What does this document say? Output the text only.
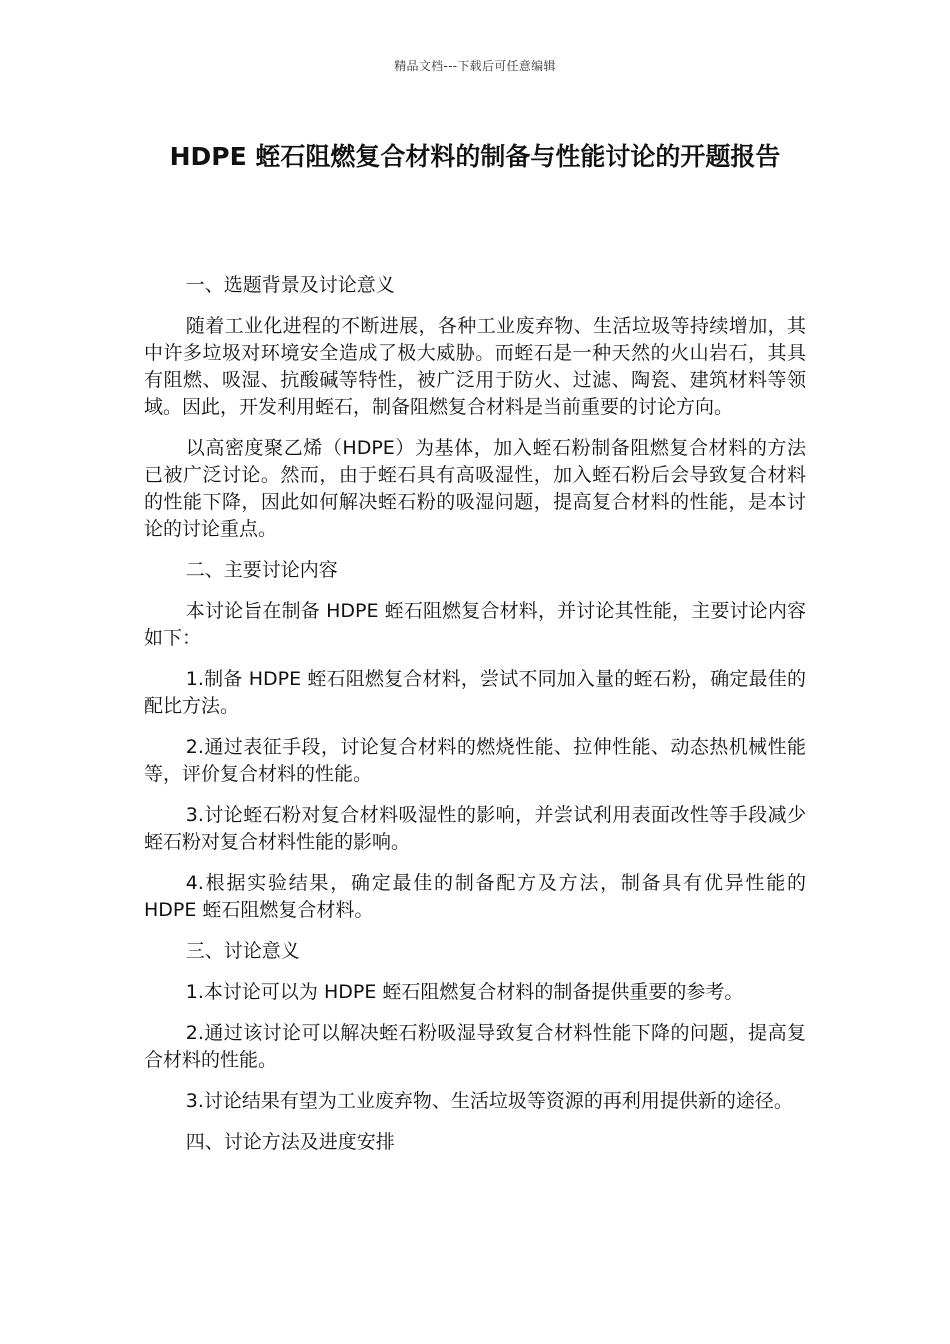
精品文档---下载后可任意编辑
HDPE 蛭石阻燃复合材料的制备与性能讨论的开题报告
一、选题背景及讨论意义

随着工业化进程的不断进展，各种工业废弃物、生活垃圾等持续增加，其中许多垃圾对环境安全造成了极大威胁。而蛭石是一种天然的火山岩石，其具有阻燃、吸湿、抗酸碱等特性，被广泛用于防火、过滤、陶瓷、建筑材料等领域。因此，开发利用蛭石，制备阻燃复合材料是当前重要的讨论方向。

以高密度聚乙烯（HDPE）为基体，加入蛭石粉制备阻燃复合材料的方法已被广泛讨论。然而，由于蛭石具有高吸湿性，加入蛭石粉后会导致复合材料的性能下降，因此如何解决蛭石粉的吸湿问题，提高复合材料的性能，是本讨论的讨论重点。

二、主要讨论内容

本讨论旨在制备 HDPE 蛭石阻燃复合材料，并讨论其性能，主要讨论内容如下：

1.制备 HDPE 蛭石阻燃复合材料，尝试不同加入量的蛭石粉，确定最佳的配比方法。

2.通过表征手段，讨论复合材料的燃烧性能、拉伸性能、动态热机械性能等，评价复合材料的性能。

3.讨论蛭石粉对复合材料吸湿性的影响，并尝试利用表面改性等手段减少蛭石粉对复合材料性能的影响。

4.根据实验结果，确定最佳的制备配方及方法，制备具有优异性能的 HDPE 蛭石阻燃复合材料。

三、讨论意义

1.本讨论可以为 HDPE 蛭石阻燃复合材料的制备提供重要的参考。

2.通过该讨论可以解决蛭石粉吸湿导致复合材料性能下降的问题，提高复合材料的性能。

3.讨论结果有望为工业废弃物、生活垃圾等资源的再利用提供新的途径。

四、讨论方法及进度安排
